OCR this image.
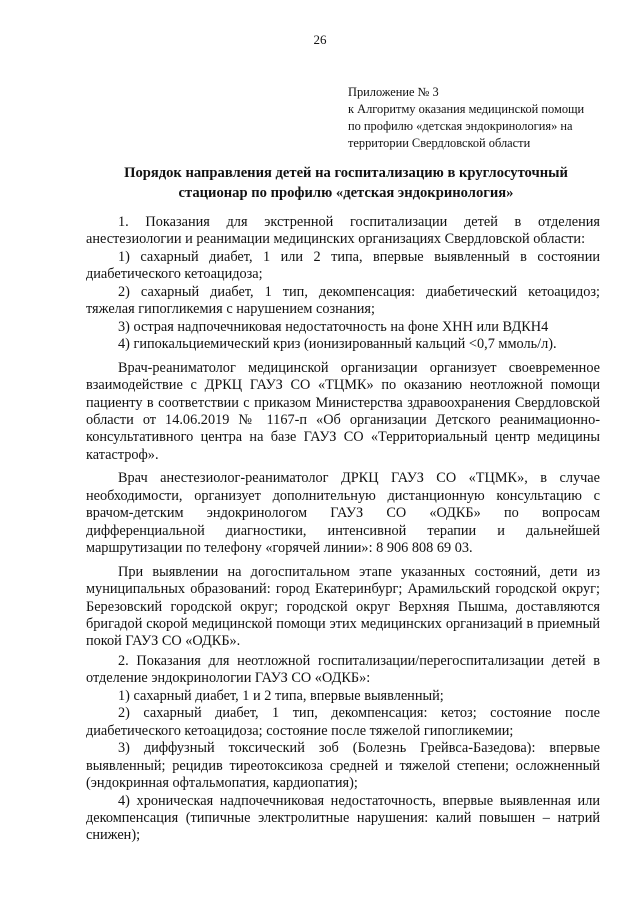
26
Приложение № 3
к Алгоритму оказания медицинской помощи
по профилю «детская эндокринология» на
территории Свердловской области
Порядок направления детей на госпитализацию в круглосуточный
стационар по профилю «детская эндокринология»

1. Показания для экстренной госпитализации детей в отделения анестезиологии и реанимации медицинских организациях Свердловской области:

1) сахарный диабет, 1 или 2 типа, впервые выявленный в состоянии диабетического кетоацидоза;

2) сахарный диабет, 1 тип, декомпенсация: диабетический кетоацидоз; тяжелая гипогликемия с нарушением сознания;

3) острая надпочечниковая недостаточность на фоне ХНН или ВДКН4

4) гипокальциемический криз (ионизированный кальций <0,7 ммоль/л).

Врач-реаниматолог медицинской организации организует своевременное взаимодействие с ДРКЦ ГАУЗ СО «ТЦМК» по оказанию неотложной помощи пациенту в соответствии с приказом Министерства здравоохранения Свердловской области от 14.06.2019 № 1167-п «Об организации Детского реанимационно-консультативного центра на базе ГАУЗ СО «Территориальный центр медицины катастроф».

Врач анестезиолог-реаниматолог ДРКЦ ГАУЗ СО «ТЦМК», в случае необходимости, организует дополнительную дистанционную консультацию с врачом-детским эндокринологом ГАУЗ СО «ОДКБ» по вопросам дифференциальной диагностики, интенсивной терапии и дальнейшей маршрутизации по телефону «горячей линии»: 8 906 808 69 03.

При выявлении на догоспитальном этапе указанных состояний, дети из муниципальных образований: город Екатеринбург; Арамильский городской округ; Березовский городской округ; городской округ Верхняя Пышма, доставляются бригадой скорой медицинской помощи этих медицинских организаций в приемный покой ГАУЗ СО «ОДКБ».

2. Показания для неотложной госпитализации/перегоспитализации детей в отделение эндокринологии ГАУЗ СО «ОДКБ»:

1) сахарный диабет, 1 и 2 типа, впервые выявленный;

2) сахарный диабет, 1 тип, декомпенсация: кетоз; состояние после диабетического кетоацидоза; состояние после тяжелой гипогликемии;

3) диффузный токсический зоб (Болезнь Грейвса-Базедова): впервые выявленный; рецидив тиреотоксикоза средней и тяжелой степени; осложненный (эндокринная офтальмопатия, кардиопатия);

4) хроническая надпочечниковая недостаточность, впервые выявленная или декомпенсация (типичные электролитные нарушения: калий повышен – натрий снижен);
